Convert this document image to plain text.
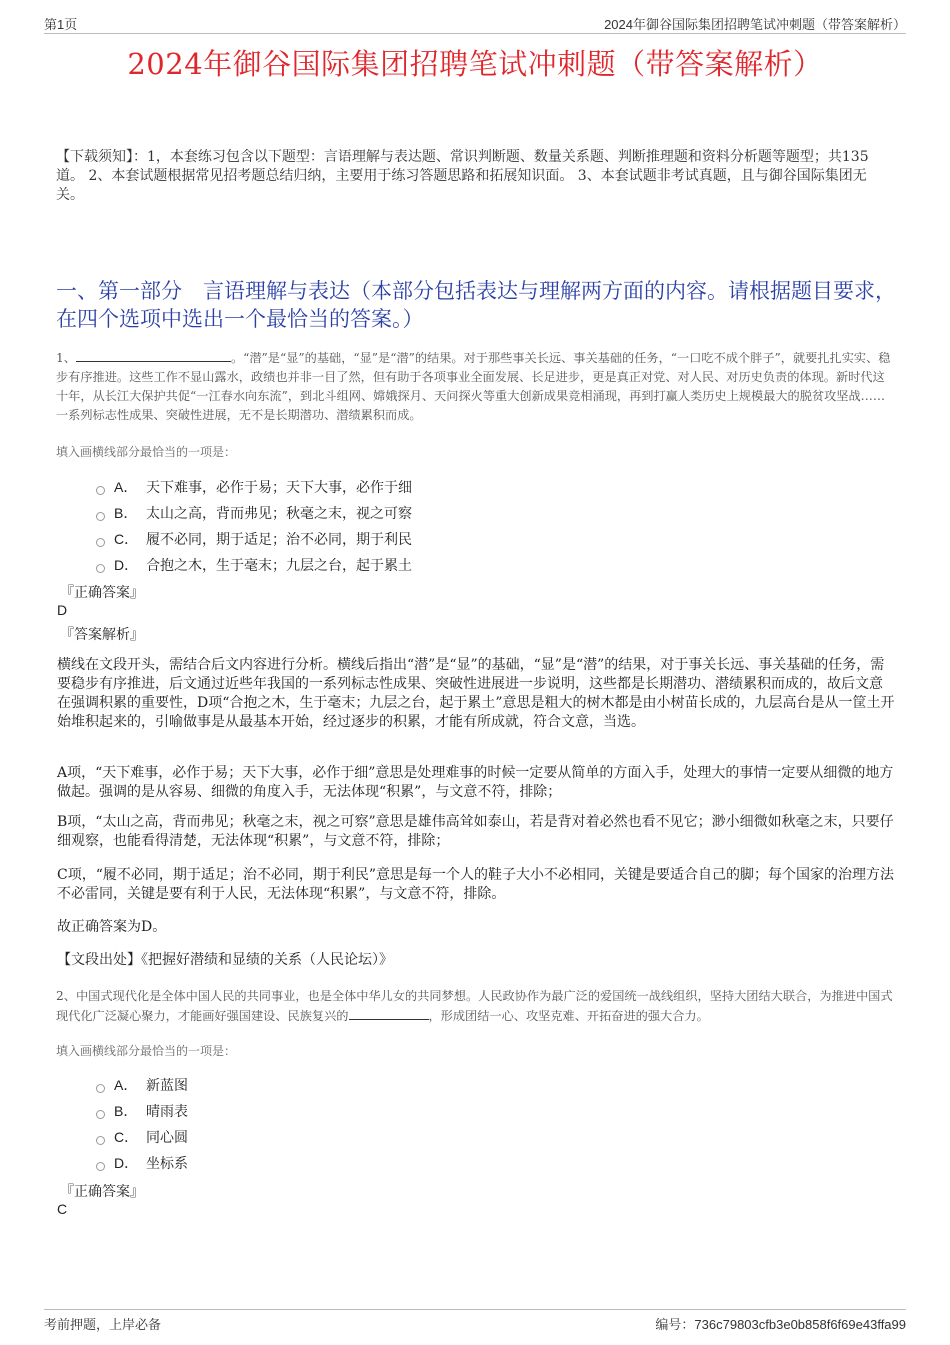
第1页	2024年御谷国际集团招聘笔试冲刺题（带答案解析）
2024年御谷国际集团招聘笔试冲刺题（带答案解析）
【下载须知】：1，本套练习包含以下题型：言语理解与表达题、常识判断题、数量关系题、判断推理题和资料分析题等题型；共135道。 2、本套试题根据常见招考题总结归纳，主要用于练习答题思路和拓展知识面。 3、本套试题非考试真题，且与御谷国际集团无关。
一、第一部分　言语理解与表达（本部分包括表达与理解两方面的内容。请根据题目要求，在四个选项中选出一个最恰当的答案。）
1、	。“潜”是“显”的基础，“显”是“潜”的结果。对于那些事关长远、事关基础的任务，“一口吃不成个胖子”，就要扎扎实实、稳步有序推进。这些工作不显山露水，政绩也并非一目了然，但有助于各项事业全面发展、长足进步，更是真正对党、对人民、对历史负责的体现。新时代这十年，从长江大保护共促“一江春水向东流”，到北斗组网、嫦娥探月、天问探火等重大创新成果竞相涌现，再到打赢人类历史上规模最大的脱贫攻坚战……一系列标志性成果、突破性进展，无不是长期潜功、潜绩累积而成。
填入画横线部分最恰当的一项是：
A． 天下难事，必作于易；天下大事，必作于细
B． 太山之高，背而弗见；秋毫之末，视之可察
C． 履不必同，期于适足；治不必同，期于利民
D． 合抱之木，生于毫末；九层之台，起于累土
『正确答案』
D
『答案解析』
横线在文段开头，需结合后文内容进行分析。横线后指出“潜”是“显”的基础，“显”是“潜”的结果，对于事关长远、事关基础的任务，需要稳步有序推进，后文通过近些年我国的一系列标志性成果、突破性进展进一步说明，这些都是长期潜功、潜绩累积而成的，故后文意在强调积累的重要性，D项“合抱之木，生于毫末；九层之台，起于累土”意思是粗大的树木都是由小树苗长成的，九层高台是从一筐土开始堆积起来的，引喻做事是从最基本开始，经过逐步的积累，才能有所成就，符合文意，当选。
A项，“天下难事，必作于易；天下大事，必作于细”意思是处理难事的时候一定要从简单的方面入手，处理大的事情一定要从细微的地方做起。强调的是从容易、细微的角度入手，无法体现“积累”，与文意不符，排除；
B项，“太山之高，背而弗见；秋毫之末，视之可察”意思是雄伟高耸如泰山，若是背对着必然也看不见它；渺小细微如秋毫之末，只要仔细观察，也能看得清楚，无法体现“积累”，与文意不符，排除；
C项，“履不必同，期于适足；治不必同，期于利民”意思是每一个人的鞋子大小不必相同，关键是要适合自己的脚；每个国家的治理方法不必雷同，关键是要有利于人民，无法体现“积累”，与文意不符，排除。
故正确答案为D。
【文段出处】《把握好潜绩和显绩的关系（人民论坛）》
2、中国式现代化是全体中国人民的共同事业，也是全体中华儿女的共同梦想。人民政协作为最广泛的爱国统一战线组织，坚持大团结大联合，为推进中国式现代化广泛凝心聚力，才能画好强国建设、民族复兴的	，形成团结一心、攻坚克难、开拓奋进的强大合力。
填入画横线部分最恰当的一项是：
A． 新蓝图
B． 晴雨表
C． 同心圆
D． 坐标系
『正确答案』
C
考前押题，上岸必备	编号：736c79803cfb3e0b858f6f69e43ffa99
